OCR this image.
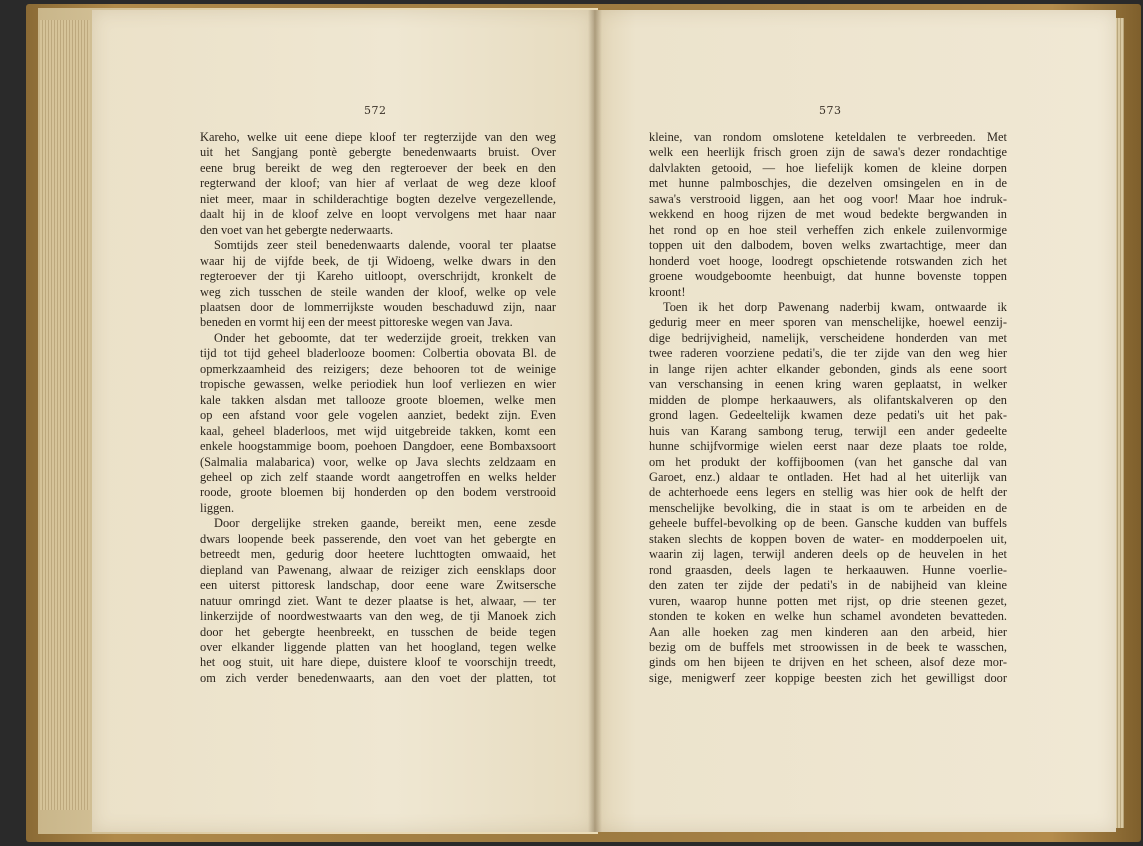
572	573
Kareho, welke uit eene diepe kloof ter regterzijde van den weg
uit het Sangjang pontè gebergte benedenwaarts bruist. Over
eene brug bereikt de weg den regteroever der beek en den
regterwand der kloof; van hier af verlaat de weg deze kloof
niet meer, maar in schilderachtige bogten dezelve vergezellende,
daalt hij in de kloof zelve en loopt vervolgens met haar naar
den voet van het gebergte nederwaarts.
Somtijds zeer steil benedenwaarts dalende, vooral ter plaatse
waar hij de vijfde beek, de tji Widoeng, welke dwars in den
regteroever der tji Kareho uitloopt, overschrijdt, kronkelt de
weg zich tusschen de steile wanden der kloof, welke op vele
plaatsen door de lommerrijkste wouden beschaduwd zijn, naar
beneden en vormt hij een der meest pittoreske wegen van Java.
Onder het geboomte, dat ter wederzijde groeit, trekken van
tijd tot tijd geheel bladerlooze boomen: Colbertia obovata Bl. de
opmerkzaamheid des reizigers; deze behooren tot de weinige
tropische gewassen, welke periodiek hun loof verliezen en wier
kale takken alsdan met tallooze groote bloemen, welke men
op een afstand voor gele vogelen aanziet, bedekt zijn. Even
kaal, geheel bladerloos, met wijd uitgebreide takken, komt een
enkele hoogstammige boom, poehoen Dangdoer, eene Bombaxsoort
(Salmalia malabarica) voor, welke op Java slechts zeldzaam en
geheel op zich zelf staande wordt aangetroffen en welks helder
roode, groote bloemen bij honderden op den bodem verstrooid
liggen.
Door dergelijke streken gaande, bereikt men, eene zesde
dwars loopende beek passerende, den voet van het gebergte en
betreedt men, gedurig door heetere luchttogten omwaaid, het
diepland van Pawenang, alwaar de reiziger zich eensklaps door
een uiterst pittoresk landschap, door eene ware Zwitsersche
natuur omringd ziet. Want te dezer plaatse is het, alwaar, — ter
linkerzijde of noordwestwaarts van den weg, de tji Manoek zich
door het gebergte heenbreekt, en tusschen de beide tegen
over elkander liggende platten van het hoogland, tegen welke
het oog stuit, uit hare diepe, duistere kloof te voorschijn treedt,
om zich verder benedenwaarts, aan den voet der platten, tot
kleine, van rondom omslotene keteldalen te verbreeden. Met
welk een heerlijk frisch groen zijn de sawa's dezer rondachtige
dalvlakten getooid, — hoe liefelijk komen de kleine dorpen
met hunne palmboschjes, die dezelven omsingelen en in de
sawa's verstrooid liggen, aan het oog voor! Maar hoe indruk-
wekkend en hoog rijzen de met woud bedekte bergwanden in
het rond op en hoe steil verheffen zich enkele zuilenvormige
toppen uit den dalbodem, boven welks zwartachtige, meer dan
honderd voet hooge, loodregt opschietende rotswanden zich het
groene woudgeboomte heenbuigt, dat hunne bovenste toppen
kroont!
Toen ik het dorp Pawenang naderbij kwam, ontwaarde ik
gedurig meer en meer sporen van menschelijke, hoewel eenzij-
dige bedrijvigheid, namelijk, verscheidene honderden van met
twee raderen voorziene pedati's, die ter zijde van den weg hier
in lange rijen achter elkander gebonden, ginds als eene soort
van verschansing in eenen kring waren geplaatst, in welker
midden de plompe herkaauwers, als olifantskalveren op den
grond lagen. Gedeeltelijk kwamen deze pedati's uit het pak-
huis van Karang sambong terug, terwijl een ander gedeelte
hunne schijfvormige wielen eerst naar deze plaats toe rolde,
om het produkt der koffijboomen (van het gansche dal van
Garoet, enz.) aldaar te ontladen. Het had al het uiterlijk van
de achterhoede eens legers en stellig was hier ook de helft der
menschelijke bevolking, die in staat is om te arbeiden en de
geheele buffel-bevolking op de been. Gansche kudden van buffels
staken slechts de koppen boven de water- en modderpoelen uit,
waarin zij lagen, terwijl anderen deels op de heuvelen in het
rond graasden, deels lagen te herkaauwen. Hunne voerlie-
den zaten ter zijde der pedati's in de nabijheid van kleine
vuren, waarop hunne potten met rijst, op drie steenen gezet,
stonden te koken en welke hun schamel avondeten bevatteden.
Aan alle hoeken zag men kinderen aan den arbeid, hier
bezig om de buffels met stroowissen in de beek te wasschen,
ginds om hen bijeen te drijven en het scheen, alsof deze mor-
sige, menigwerf zeer koppige beesten zich het gewilligst door
